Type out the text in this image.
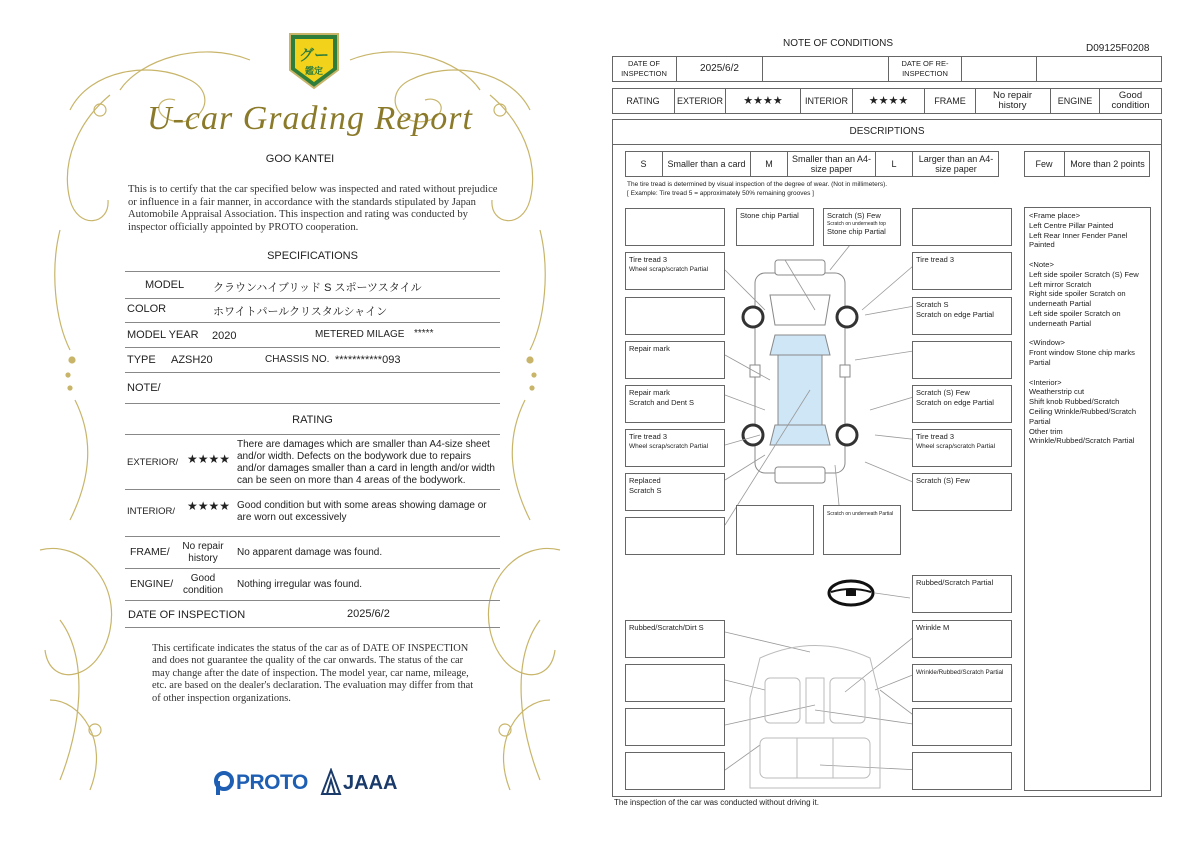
グー
鑑定
U-car Grading Report
GOO KANTEI
This is to certify that the car specified below was inspected and rated without prejudice or influence in a fair manner, in accordance with the standards stipulated by Japan Automobile Appraisal Association. This inspection and rating was conducted by inspector officially appointed by PROTO cooperation.
SPECIFICATIONS
MODEL	クラウンハイブリッド S スポーツスタイル
COLOR	ホワイトパールクリスタルシャイン
MODEL YEAR 2020	METERED MILAGE *****
TYPE AZSH20	CHASSIS NO. ***********093
NOTE/
RATING
EXTERIOR/ ★★★★
There are damages which are smaller than A4-size sheet and/or width. Defects on the bodywork due to repairs and/or damages smaller than a card in length and/or width can be seen on more than 4 areas of the bodywork.
INTERIOR/ ★★★★ Good condition but with some areas showing damage or are worn out excessively
FRAME/	No repair history
No apparent damage was found.
ENGINE/	Good condition
Nothing irregular was found.
DATE OF INSPECTION	2025/6/2
This certificate indicates the status of the car as of DATE OF INSPECTION and does not guarantee the quality of the car onwards. The status of the car may change after the date of inspection. The model year, car name, mileage, etc. are based on the dealer's declaration. The evaluation may differ from that of other inspection organizations.
PROTO JAAA
NOTE OF CONDITIONS	D09125F0208
DATE OF INSPECTION	2025/6/2	DATE OF RE-INSPECTION
RATING	EXTERIOR	★★★★	INTERIOR	★★★★	FRAME	No repair history	ENGINE	Good condition
DESCRIPTIONS
S	Smaller than a card	M	Smaller than an A4-size paper	L	Larger than an A4-size paper	Few	More than 2 points
The tire tread is determined by visual inspection of the degree of wear. (Not in millimeters).
[ Example: Tire tread 5 = approximately 50% remaining grooves ]
Stone chip Partial	Scratch (S) Few
Scratch on underneath top
Stone chip Partial
Tire tread 3
Wheel scrap/scratch Partial
Tire tread 3
Scratch S
Scratch on edge Partial
Repair mark
Repair mark
Scratch and Dent S
Scratch (S) Few
Scratch on edge Partial
Tire tread 3
Wheel scrap/scratch Partial
Tire tread 3
Wheel scrap/scratch Partial
Replaced
Scratch S
Scratch (S) Few
Scratch on underneath Partial
Rubbed/Scratch Partial
Rubbed/Scratch/Dirt S	Wrinkle M
Wrinkle/Rubbed/Scratch Partial
<Frame place>
Left Centre Pillar Painted
Left Rear Inner Fender Panel Painted
<Note>
Left side spoiler Scratch (S) Few
Left mirror Scratch
Right side spoiler Scratch on underneath Partial
Left side spoiler Scratch on underneath Partial
<Window>
Front window Stone chip marks Partial
<Interior>
Weatherstrip cut
Shift knob Rubbed/Scratch
Ceiling Wrinkle/Rubbed/Scratch Partial
Other trim Wrinkle/Rubbed/Scratch Partial
The inspection of the car was conducted without driving it.
